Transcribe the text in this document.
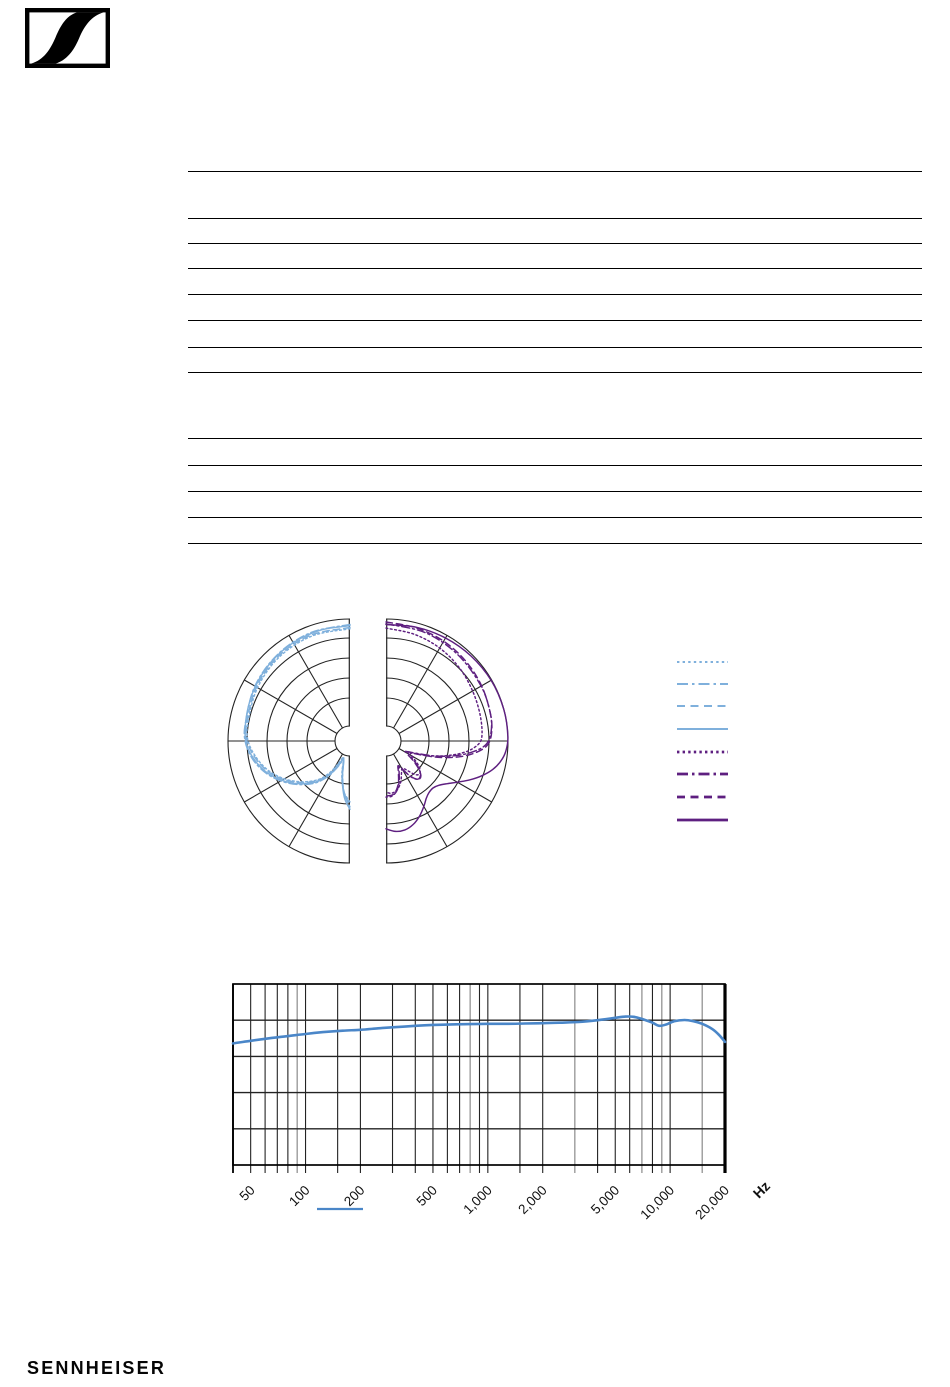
50 100 200	500 1,000 2,000	5,000 10,000 20,000 Hz
SENNHEISER
